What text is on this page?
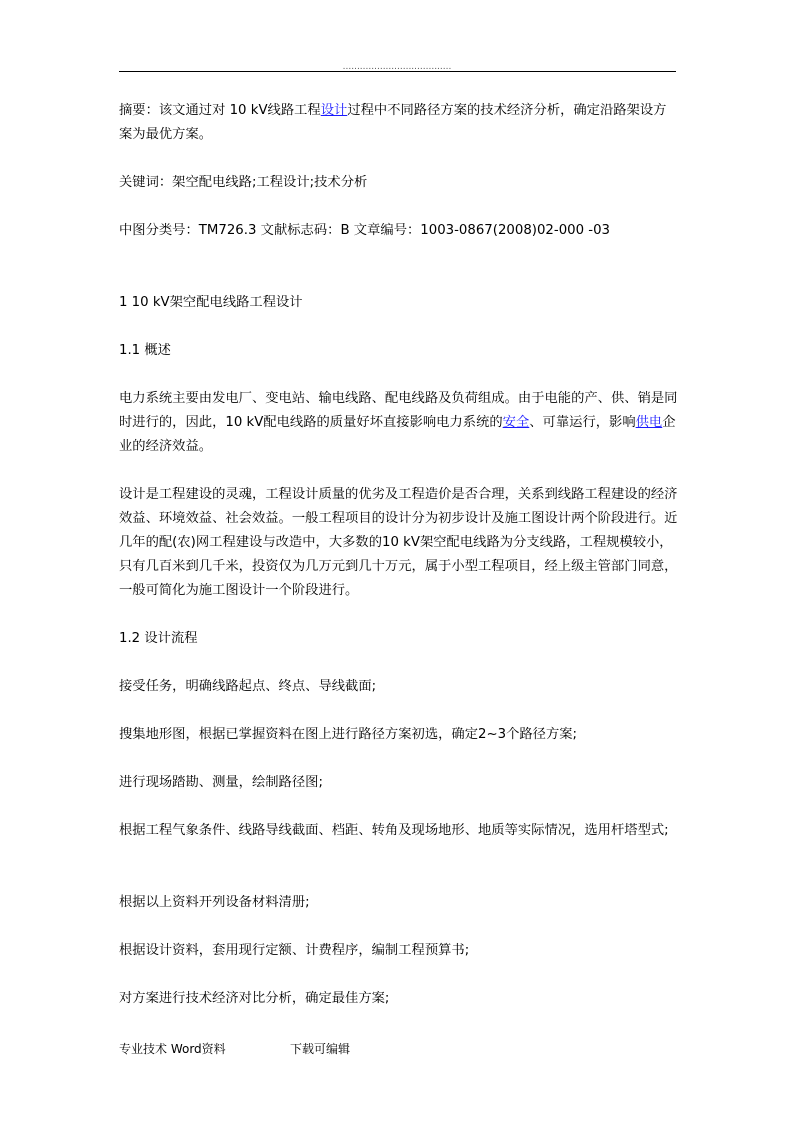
......................................

摘要：该文通过对 10 kV线路工程设计过程中不同路径方案的技术经济分析，确定沿路架设方案为最优方案。

关键词：架空配电线路;工程设计;技术分析

中图分类号：TM726.3 文献标志码：B 文章编号：1003-0867(2008)02-000 -03

1 10 kV架空配电线路工程设计

1.1 概述

电力系统主要由发电厂、变电站、输电线路、配电线路及负荷组成。由于电能的产、供、销是同时进行的，因此，10 kV配电线路的质量好坏直接影响电力系统的安全、可靠运行，影响供电企业的经济效益。

设计是工程建设的灵魂，工程设计质量的优劣及工程造价是否合理，关系到线路工程建设的经济效益、环境效益、社会效益。一般工程项目的设计分为初步设计及施工图设计两个阶段进行。近几年的配(农)网工程建设与改造中，大多数的10 kV架空配电线路为分支线路，工程规模较小，只有几百米到几千米，投资仅为几万元到几十万元，属于小型工程项目，经上级主管部门同意，一般可简化为施工图设计一个阶段进行。

1.2 设计流程

接受任务，明确线路起点、终点、导线截面;

搜集地形图，根据已掌握资料在图上进行路径方案初选，确定2~3个路径方案;

进行现场踏勘、测量，绘制路径图;

根据工程气象条件、线路导线截面、档距、转角及现场地形、地质等实际情况，选用杆塔型式;

根据以上资料开列设备材料清册;

根据设计资料，套用现行定额、计费程序，编制工程预算书;

对方案进行技术经济对比分析，确定最佳方案;

专业技术 Word资料	下载可编辑
